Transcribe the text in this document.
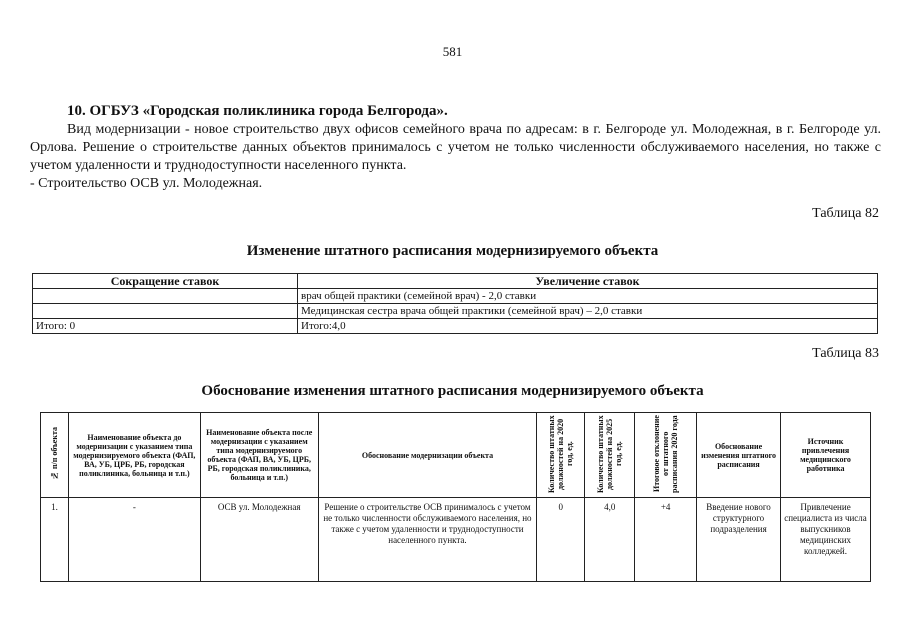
581
10. ОГБУЗ «Городская поликлиника города Белгорода».
Вид модернизации - новое строительство двух офисов семейного врача по адресам: в г. Белгороде ул. Молодежная, в г. Белгороде ул. Орлова. Решение о строительстве данных объектов принималось с учетом не только численности обслуживаемого населения, но также с учетом удаленности и труднодоступности населенного пункта.
- Строительство ОСВ ул. Молодежная.
Таблица 82
Изменение штатного расписания модернизируемого объекта
Сокращение ставок	Увеличение ставок
	врач общей практики (семейной врач) - 2,0 ставки
	Медицинская сестра врача общей практики (семейной врач) – 2,0 ставки
Итого: 0	Итого:4,0
Таблица 83
Обоснование изменения штатного расписания модернизируемого объекта
№ п/п объекта	Наименование объекта до модернизации с указанием типа модернизируемого объекта (ФАП, ВА, УБ, ЦРБ, РБ, городская поликлиника, больница и т.п.)	Наименование объекта после модернизации с указанием типа модернизируемого объекта (ФАП, ВА, УБ, ЦРБ, РБ, городская поликлиника, больница и т.п.)	Обоснование модернизации объекта	Количество штатных должностей на 2020 год, ед.	Количество штатных должностей на 2025 год, ед.	Итоговое отклонение от штатного расписания 2020 года	Обоснование изменения штатного расписания	Источник привлечения медицинского работника
1.	-	ОСВ ул. Молодежная	Решение о строительстве ОСВ принималось с учетом не только численности обслуживаемого населения, но также с учетом удаленности и труднодоступности населенного пункта.	0	4,0	+4	Введение нового структурного подразделения	Привлечение специалиста из числа выпускников медицинских колледжей.
